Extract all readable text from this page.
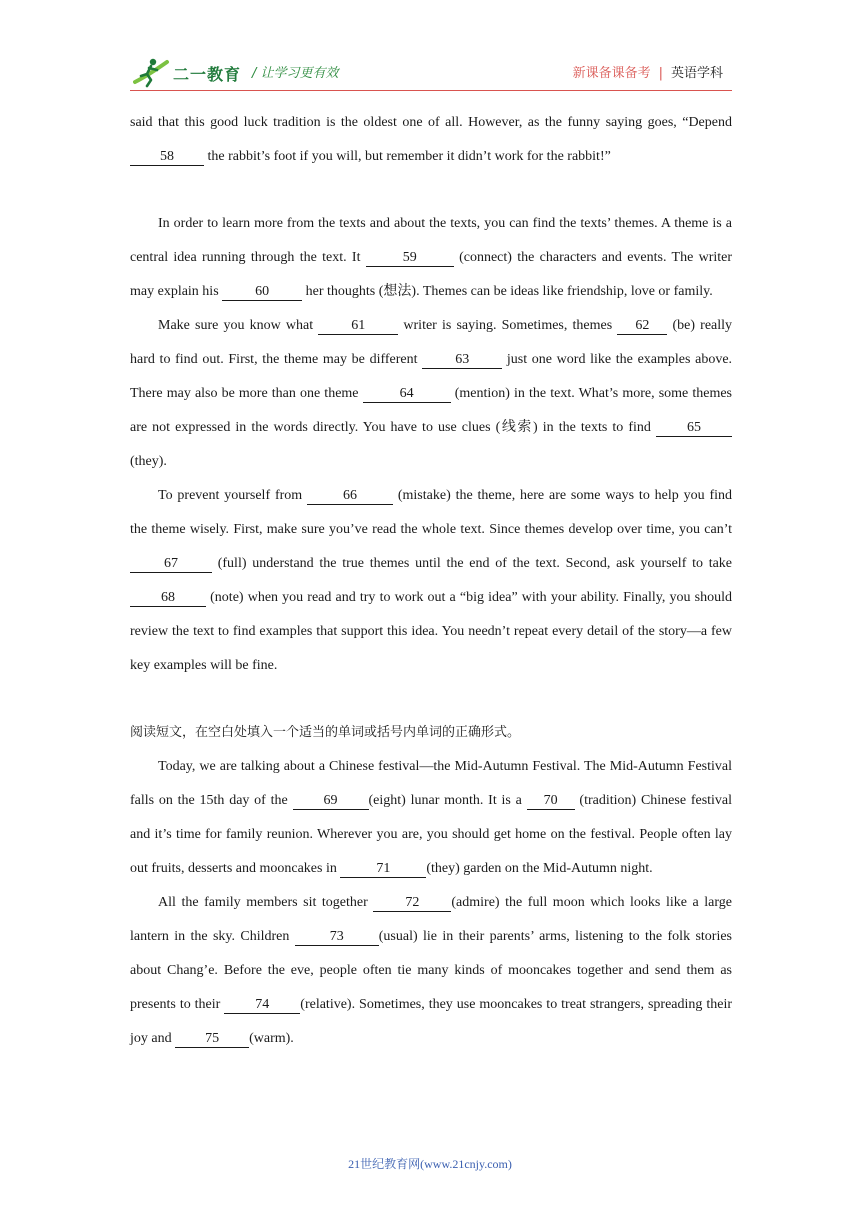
二一教育 / 让学习更有效	新课备课备考 | 英语学科

said that this good luck tradition is the oldest one of all. However, as the funny saying goes, “Depend 58 the rabbit’s foot if you will, but remember it didn’t work for the rabbit!”

In order to learn more from the texts and about the texts, you can find the texts’ themes. A theme is a central idea running through the text. It	59	(connect) the characters and events. The writer may explain his	60	her thoughts (想法). Themes can be ideas like friendship, love or family.

Make sure you know what	61	writer is saying. Sometimes, themes 62 (be) really hard to find out. First, the theme may be different	63	just one word like the examples above. There may also be more than one theme	64	(mention) in the text. What’s more, some themes are not expressed in the words directly. You have to use clues (线索) in the texts to find	65 (they).

To prevent yourself from	66	(mistake) the theme, here are some ways to help you find the theme wisely. First, make sure you’ve read the whole text. Since themes develop over time, you can’t 67	(full) understand the true themes until the end of the text. Second, ask yourself to take 68	(note) when you read and try to work out a “big idea” with your ability. Finally, you should review the text to find examples that support this idea. You needn’t repeat every detail of the story—a few key examples will be fine.

阅读短文，在空白处填入一个适当的单词或括号内单词的正确形式。

Today, we are talking about a Chinese festival—the Mid-Autumn Festival. The Mid-Autumn Festival falls on the 15th day of the	69 (eight) lunar month. It is a 70 (tradition) Chinese festival and it’s time for family reunion. Wherever you are, you should get home on the festival. People often lay out fruits, desserts and mooncakes in	71	(they) garden on the Mid-Autumn night.

All the family members sit together	72 (admire) the full moon which looks like a large lantern in the sky. Children	73	(usual) lie in their parents’ arms, listening to the folk stories about Chang’e. Before the eve, people often tie many kinds of mooncakes together and send them as presents to their 74 (relative). Sometimes, they use mooncakes to treat strangers, spreading their joy and 75 (warm).

21世纪教育网(www.21cnjy.com)
